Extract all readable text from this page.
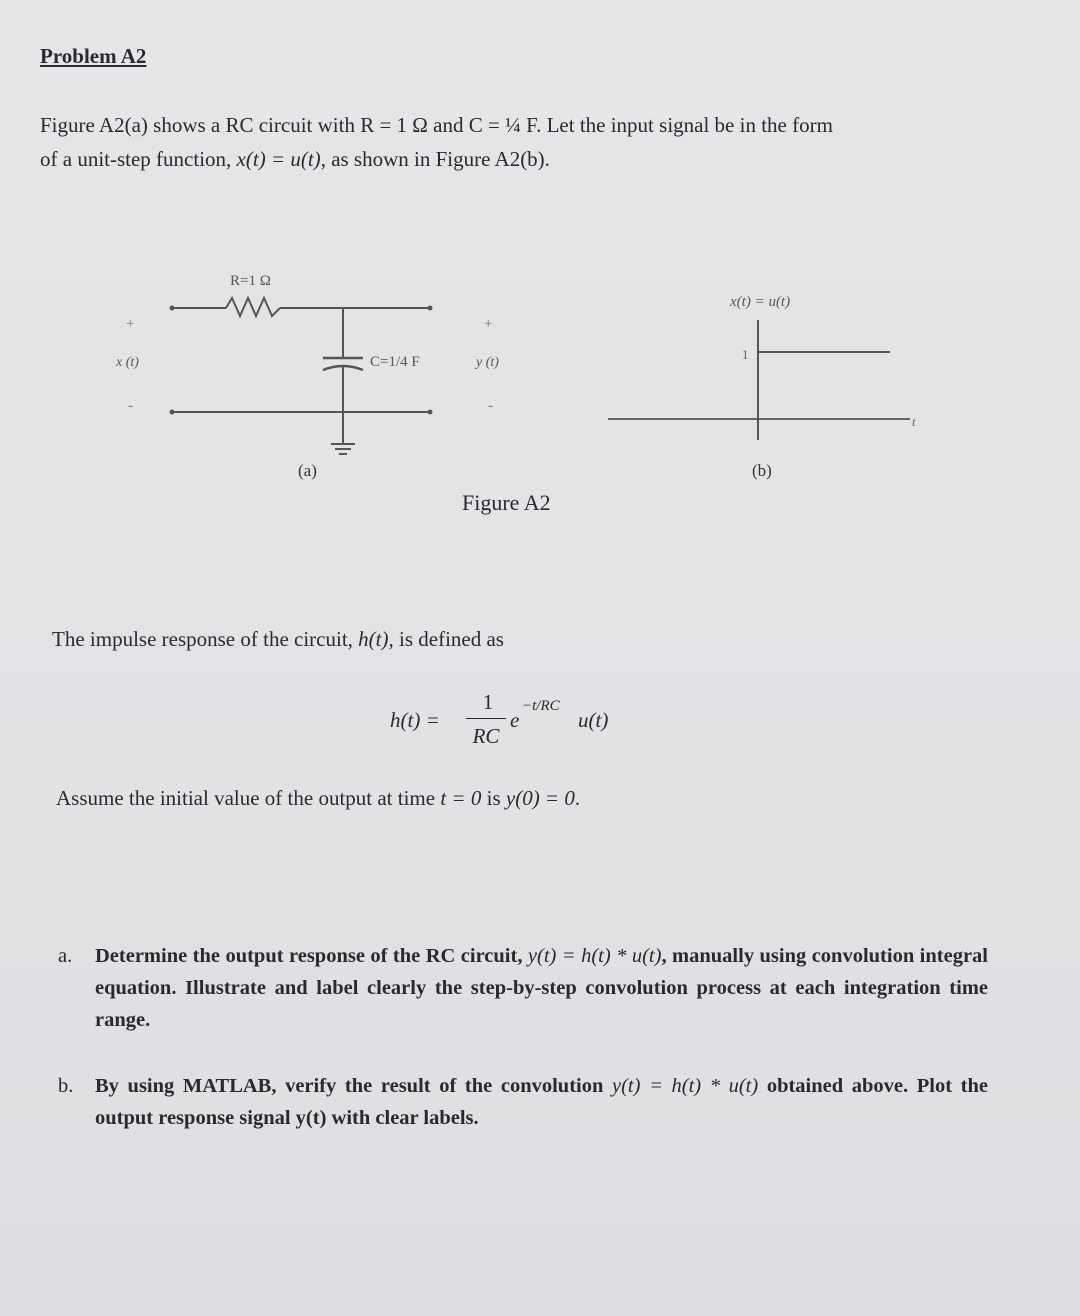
Problem A2
Figure A2(a) shows a RC circuit with R = 1 Ω and C = ¼ F. Let the input signal be in the form
of a unit-step function, x(t) = u(t), as shown in Figure A2(b).
R=1 Ω
C=1/4 F
+
x (t)
-
+
y (t)
-
(a)
x(t) = u(t)
1
t
(b)
Figure A2
The impulse response of the circuit, h(t), is defined as
h(t) =
1
RC
e
−t/RC
u(t)
Assume the initial value of the output at time t = 0 is y(0) = 0.
a. Determine the output response of the RC circuit, y(t) = h(t) * u(t), manually using convolution integral equation. Illustrate and label clearly the step-by-step convolution process at each integration time range.
b. By using MATLAB, verify the result of the convolution y(t) = h(t) * u(t) obtained above. Plot the output response signal y(t) with clear labels.
